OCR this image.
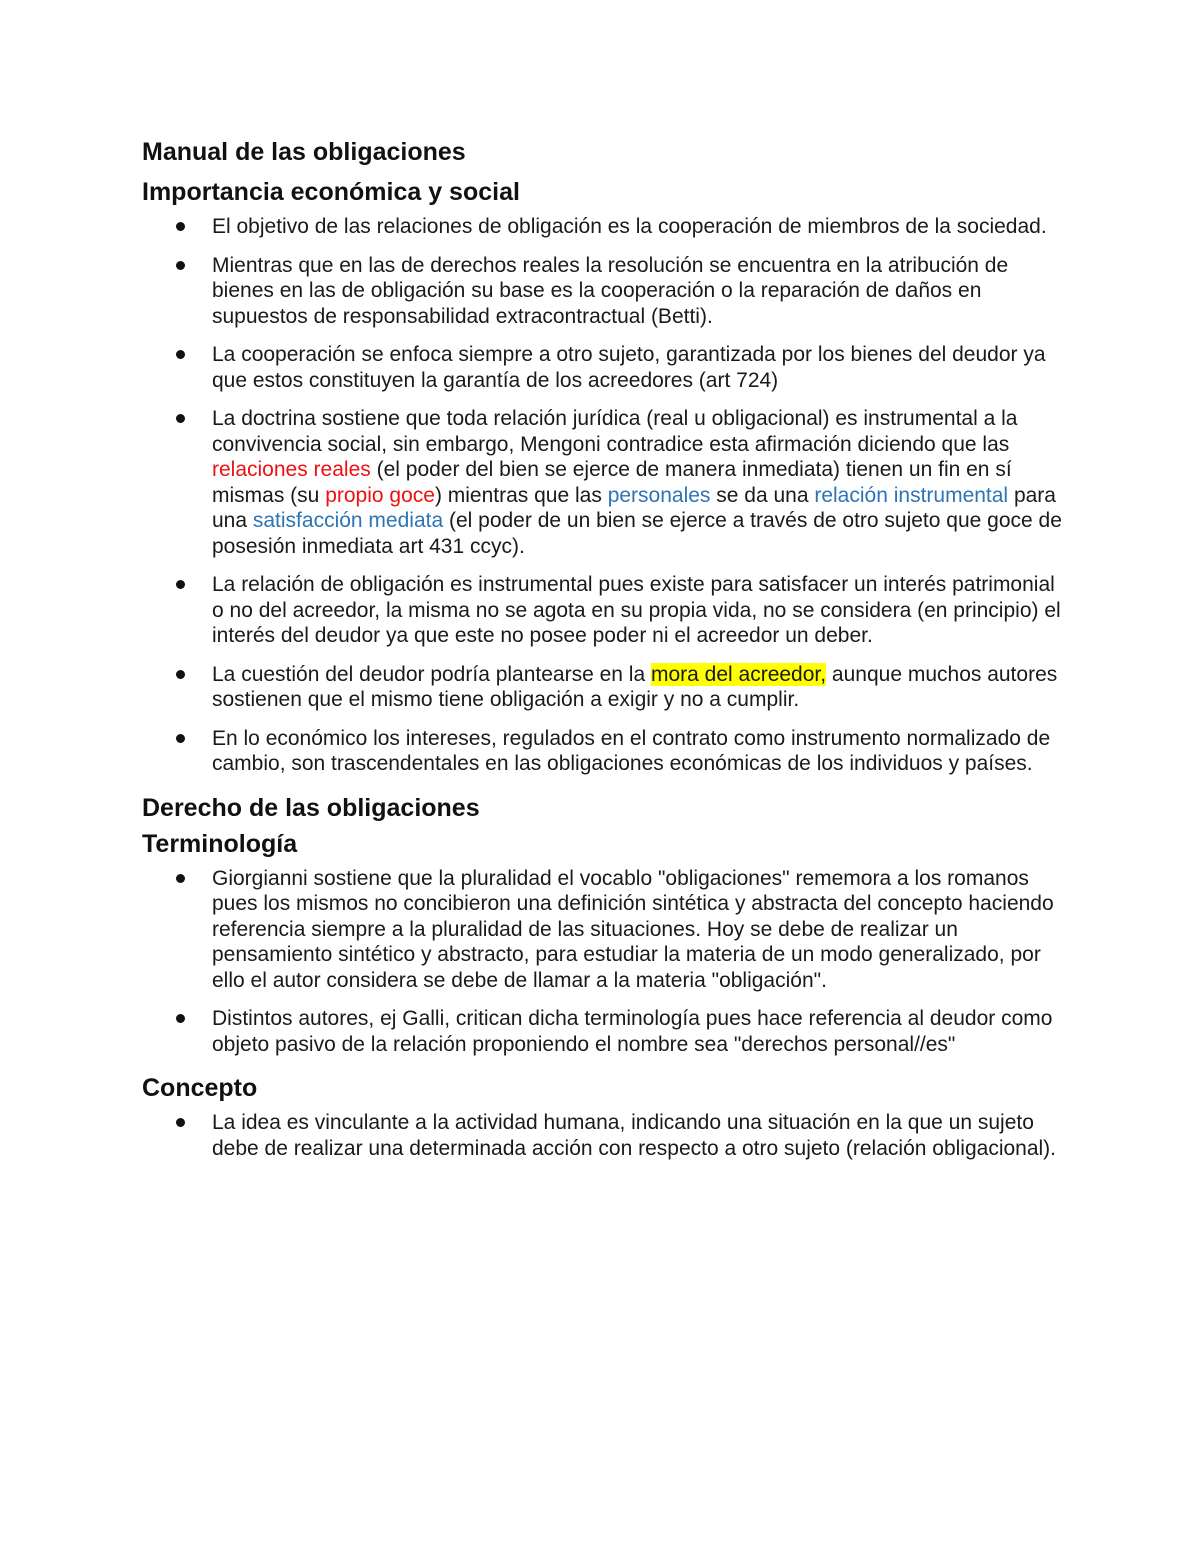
Manual de las obligaciones
Importancia económica y social
El objetivo de las relaciones de obligación es la cooperación de miembros de la sociedad.
Mientras que en las de derechos reales la resolución se encuentra en la atribución de bienes en las de obligación su base es la cooperación o la reparación de daños en supuestos de responsabilidad extracontractual (Betti).
La cooperación se enfoca siempre a otro sujeto, garantizada por los bienes del deudor ya que estos constituyen la garantía de los acreedores (art 724)
La doctrina sostiene que toda relación jurídica (real u obligacional) es instrumental a la convivencia social, sin embargo, Mengoni contradice esta afirmación diciendo que las relaciones reales (el poder del bien se ejerce de manera inmediata) tienen un fin en sí mismas (su propio goce) mientras que las personales se da una relación instrumental para una satisfacción mediata (el poder de un bien se ejerce a través de otro sujeto que goce de posesión inmediata art 431 ccyc).
La relación de obligación es instrumental pues existe para satisfacer un interés patrimonial o no del acreedor, la misma no se agota en su propia vida, no se considera (en principio) el interés del deudor ya que este no posee poder ni el acreedor un deber.
La cuestión del deudor podría plantearse en la mora del acreedor, aunque muchos autores sostienen que el mismo tiene obligación a exigir y no a cumplir.
En lo económico los intereses, regulados en el contrato como instrumento normalizado de cambio, son trascendentales en las obligaciones económicas de los individuos y países.
Derecho de las obligaciones
Terminología
Giorgianni sostiene que la pluralidad el vocablo "obligaciones" rememora a los romanos pues los mismos no concibieron una definición sintética y abstracta del concepto haciendo referencia siempre a la pluralidad de las situaciones. Hoy se debe de realizar un pensamiento sintético y abstracto, para estudiar la materia de un modo generalizado, por ello el autor considera se debe de llamar a la materia "obligación".
Distintos autores, ej Galli, critican dicha terminología pues hace referencia al deudor como objeto pasivo de la relación proponiendo el nombre sea "derechos personal//es"
Concepto
La idea es vinculante a la actividad humana, indicando una situación en la que un sujeto debe de realizar una determinada acción con respecto a otro sujeto (relación obligacional).
